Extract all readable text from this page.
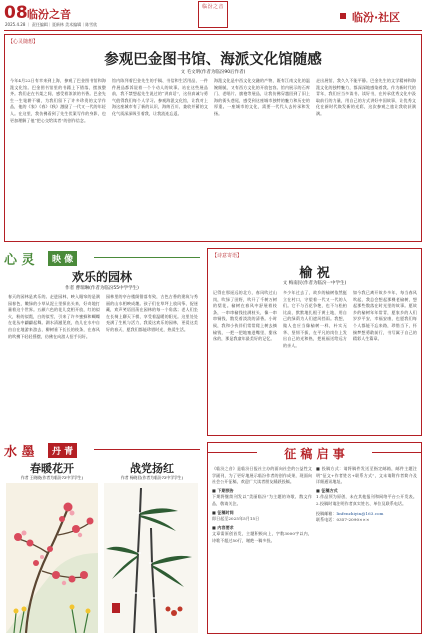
08 临汾之音
2025.4.28 ｜ 责任编辑｜聂新林 美术编辑｜陈雪欣
临汾之音
临汾·社区
【心灵随想】
参观巴金图书馆、海派文化馆随感
文 毛文明(作者为临汾90后作者)
今年4月22日有幸来到上海，参观了巴金图书馆和海派文化馆。巴金图书馆里的书籍上下错落，摆放整齐。我们走在书架之间，感受着浓浓的书香。巴金先生一生笔耕不辍，为我们留下了许多珍贵的文学作品，他的《家》《春》《秋》激励了一代又一代的年轻人。在这里，我仿佛看到了先生伏案写作的身影，也更加理解了他“把心交给读者”的创作信念。
馆内陈列着巴金先生的手稿、书信和生活用品，一件件展品都诉说着一个个动人的故事。站在这些展品前，我不禁想起先生说过的“讲真话”，这份真诚与勇气值得我们每个人学习。参观海派文化馆，让我对上海这座城市有了新的认识，海纳百川、兼收并蓄的文化气质深深吸引着我，让我流连忘返。
海派文化是中西文化交融的产物，既有江南文化的温婉细腻，又有西方文化的开放包容。馆内展示的石库门、老唱片、旗袍等展品，让我仿佛穿越回到了旧上海的街头巷尾，感受到这座城市独特的魅力和历史的厚重。一座城市的文化，需要一代代人去传承和发扬。
走出展馆，我久久不能平静。巴金先生的文学精神和海派文化的独特魅力，都深深地感染着我。作为新时代的青年，我们应当多读书、读好书，在传承优秀文化中汲取前行的力量，用自己的方式讲好中国故事，让优秀文化在新时代焕发新的光彩，这次参观之旅让我收获满满。
心 灵	映 像
欢乐的园林
作者 曹瑞琳(作者为临汾55中学学生)
春天的园林是欢乐的。走进园林，映入眼帘的是满园春色，嫩绿的小草从泥土里探出头来，好奇地打量着这个世界。五颜六色的花儿竞相开放，红的似火，粉的似霞，白的似雪，引来了许多蜜蜂和蝴蝶在花丛中翩翩起舞。湖水清澈见底，鱼儿在水中自由自在地游来游去，柳树垂下长长的枝条，在春风的吹拂下轻轻摇摆，仿佛在向游人招手问好。
园林里的亭台楼阁错落有致，古色古香的建筑与秀丽的山水相映成趣。孩子们在草坪上放风筝、捉迷藏，欢声笑语回荡在园林的每一个角落；老人们坐在长椅上聊天下棋，享受着温暖的阳光。这里处处充满了生机与活力，我爱这欢乐的园林，更爱这美好的春天，愿我们都能珍惜时光，热爱生活。
【诗意寄语】
榆 祝
文 梅南民(作者为临汾一中学生)
记得在那遥远的北方，春风吹过山岗，吹绿了田野，吹开了千树万树的梨花。榆树在春风中舒展着枝条，一串串榆钱挂满枝头，像一串串铜钱，散发着淡淡的清香。小时候，我和小伙伴们常常爬上树去摘榆钱，一把一把地塞进嘴里，甜丝丝的，那是我童年最美好的记忆。
多少年过去了，故乡的榆树依然挺立在村口，守望着一代又一代的人们。它不与百花争艳，也不与松柏比高，默默地扎根于黄土地，用自己的绿荫为人们遮风挡雨。我想，做人也应当像榆树一样，朴实无华、坚韧不拔，在平凡的岗位上发出自己的光和热，把祝福送给远方的亲人。
如今我已离开故乡多年，每当春风吹起，我总会想起那棵老榆树，想起那些散落在时光里的故事。愿故乡的榆树年年常青，愿家乡的人们岁岁平安，幸福安康，也愿我们每个人都能不忘来路，珍惜当下，怀揣梦想勇敢前行，书写属于自己的精彩人生篇章。
水 墨	丹 青
春暖花开
作者 王晓晓(作者为临汾72中学学生)
战党扬红
作者 杨晓君(作者为临汾72中学学生)
征 稿 启 事
《临汾之音》是临汾日报社主办的面向社会的公益性文学副刊，为了更好地展示临汾作者的创作成果，现面向社会公开征稿，欢迎广大读者朋友踊跃投稿。
■ 下期预告
下期将继续刊发以“美丽临汾”为主题的诗歌、散文作品，敬请关注。
■ 征稿时间
即日起至2025年5月15日
■ 内容要求
文章需原创首发，主题积极向上，字数3000字以内，诗歌不超过50行，谢绝一稿多投。
■ 投稿方式：请将稿件发送至指定邮箱，邮件主题注明“征文+作者姓名+联系方式”，文末请附作者简介及详细通讯地址。
■ 征稿方式
1.作品须为原创，未在其他报刊和网络平台公开发表。2.投稿时请注明作者真实姓名、单位及联系电话。
投稿邮箱：linfenzhiyin@163.com
联系电话：0357-2090×××
